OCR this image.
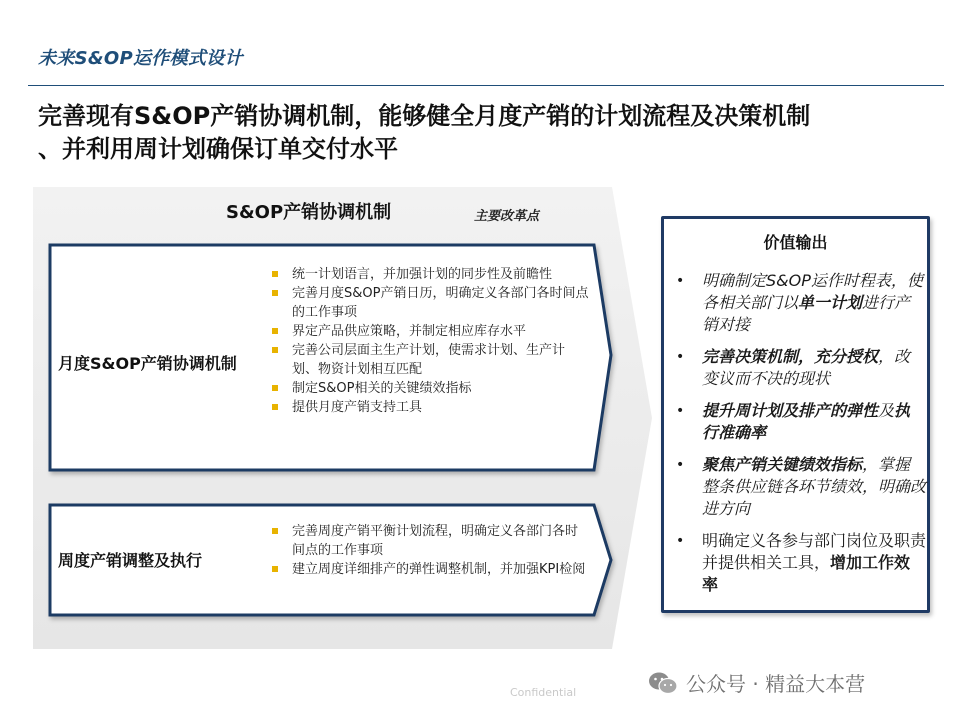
未来S&OP运作模式设计
完善现有S&OP产销协调机制，能够健全月度产销的计划流程及决策机制
、并利用周计划确保订单交付水平
S&OP产销协调机制	主要改革点
月度S&OP产销协调机制
统一计划语言，并加强计划的同步性及前瞻性
完善月度S&OP产销日历，明确定义各部门各时间点的工作事项
界定产品供应策略，并制定相应库存水平
完善公司层面主生产计划，使需求计划、生产计划、物资计划相互匹配
制定S&OP相关的关键绩效指标
提供月度产销支持工具
周度产销调整及执行
完善周度产销平衡计划流程，明确定义各部门各时间点的工作事项
建立周度详细排产的弹性调整机制，并加强KPI检阅
价值输出
• 明确制定S&OP运作时程表，使各相关部门以单一计划进行产销对接
• 完善决策机制，充分授权，改变议而不决的现状
• 提升周计划及排产的弹性及执行准确率
• 聚焦产销关键绩效指标，掌握整条供应链各环节绩效，明确改进方向
• 明确定义各参与部门岗位及职责并提供相关工具，增加工作效率
Confidential	公众号 · 精益大本营
